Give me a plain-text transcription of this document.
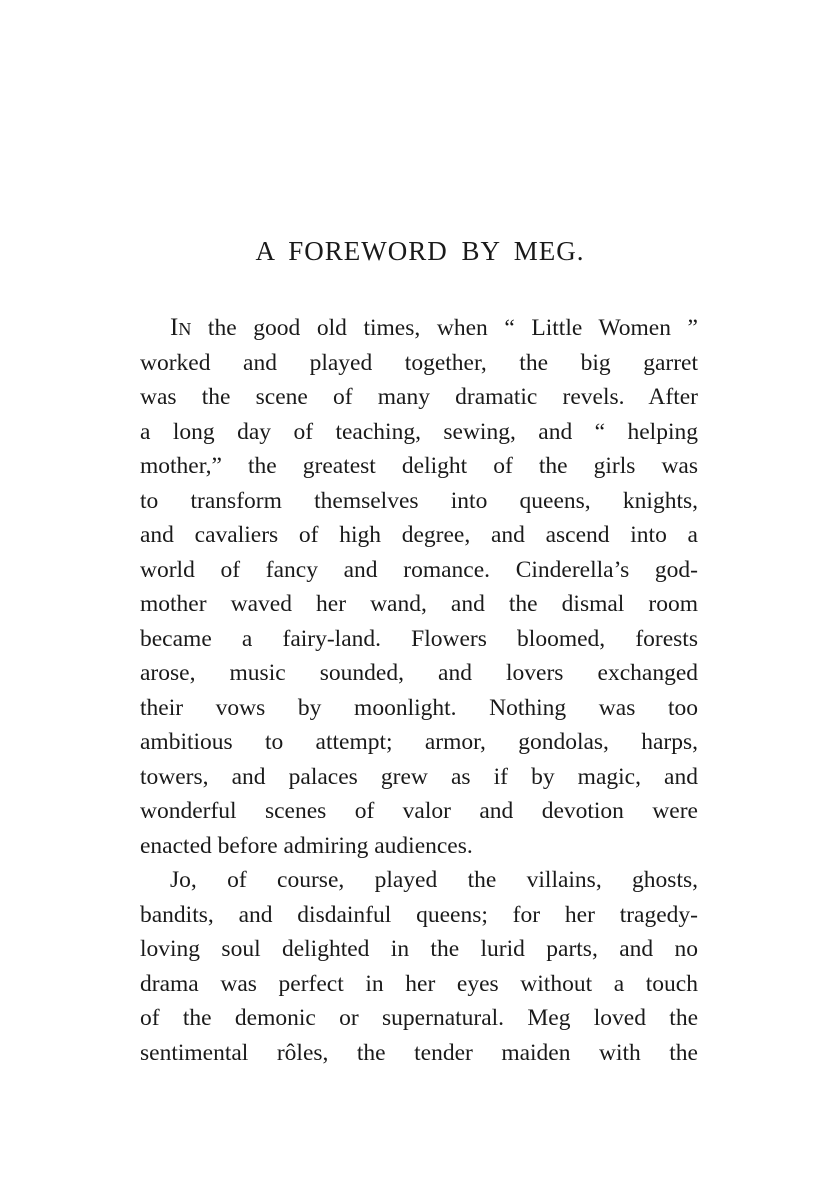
A FOREWORD BY MEG.
IN the good old times, when “ Little Women ”
worked and played together, the big garret
was the scene of many dramatic revels. After
a long day of teaching, sewing, and “ helping
mother,” the greatest delight of the girls was
to transform themselves into queens, knights,
and cavaliers of high degree, and ascend into a
world of fancy and romance. Cinderella’s god-
mother waved her wand, and the dismal room
became a fairy-land. Flowers bloomed, forests
arose, music sounded, and lovers exchanged
their vows by moonlight. Nothing was too
ambitious to attempt; armor, gondolas, harps,
towers, and palaces grew as if by magic, and
wonderful scenes of valor and devotion were
enacted before admiring audiences.
Jo, of course, played the villains, ghosts,
bandits, and disdainful queens; for her tragedy-
loving soul delighted in the lurid parts, and no
drama was perfect in her eyes without a touch
of the demonic or supernatural. Meg loved the
sentimental rôles, the tender maiden with the
